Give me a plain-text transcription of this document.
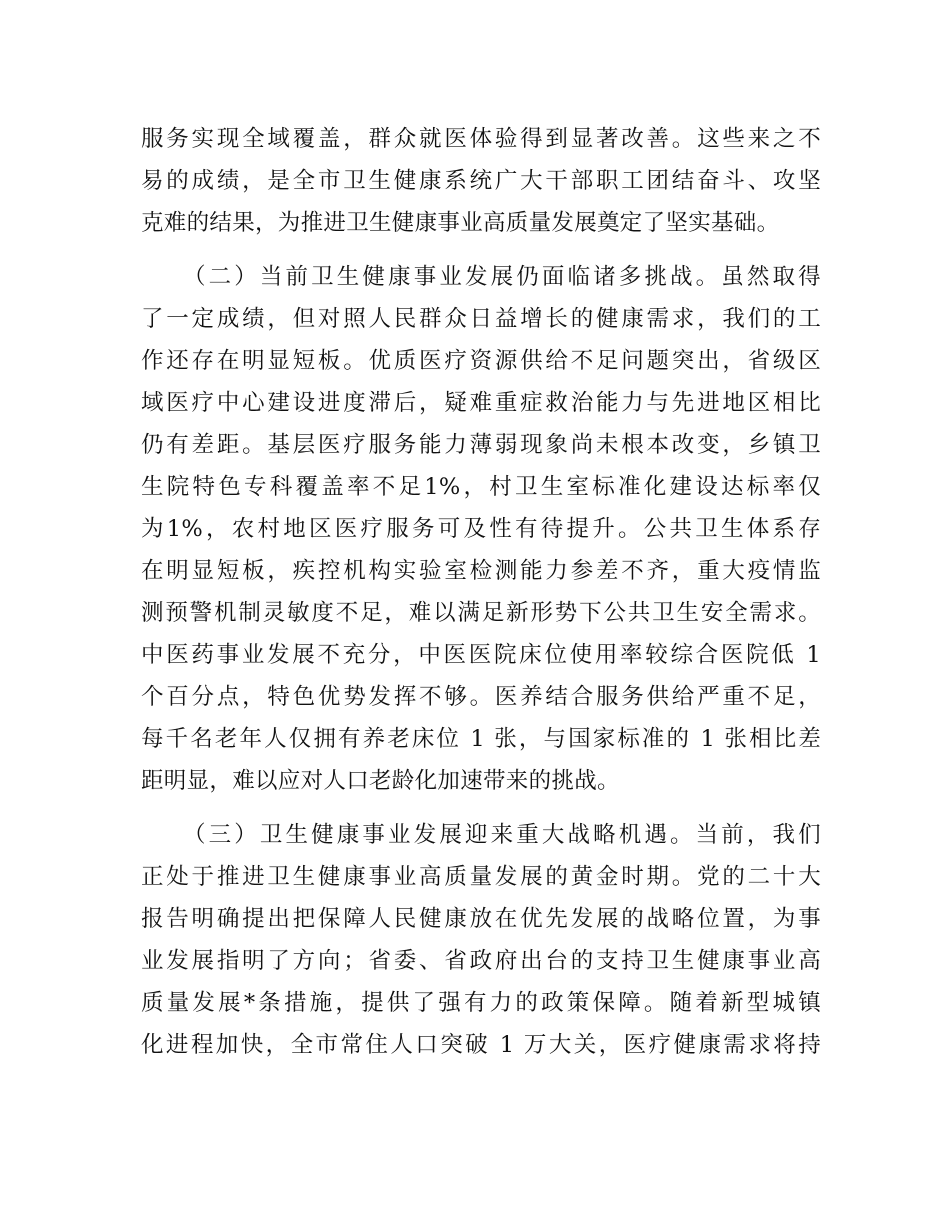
服务实现全域覆盖，群众就医体验得到显著改善。这些来之不
易的成绩，是全市卫生健康系统广大干部职工团结奋斗、攻坚
克难的结果，为推进卫生健康事业高质量发展奠定了坚实基础。
（二）当前卫生健康事业发展仍面临诸多挑战。虽然取得
了一定成绩，但对照人民群众日益增长的健康需求，我们的工
作还存在明显短板。优质医疗资源供给不足问题突出，省级区
域医疗中心建设进度滞后，疑难重症救治能力与先进地区相比
仍有差距。基层医疗服务能力薄弱现象尚未根本改变，乡镇卫
生院特色专科覆盖率不足1%，村卫生室标准化建设达标率仅
为1%，农村地区医疗服务可及性有待提升。公共卫生体系存
在明显短板，疾控机构实验室检测能力参差不齐，重大疫情监
测预警机制灵敏度不足，难以满足新形势下公共卫生安全需求。
中医药事业发展不充分，中医医院床位使用率较综合医院低 1
个百分点，特色优势发挥不够。医养结合服务供给严重不足，
每千名老年人仅拥有养老床位 1 张，与国家标准的 1 张相比差
距明显，难以应对人口老龄化加速带来的挑战。
（三）卫生健康事业发展迎来重大战略机遇。当前，我们
正处于推进卫生健康事业高质量发展的黄金时期。党的二十大
报告明确提出把保障人民健康放在优先发展的战略位置，为事
业发展指明了方向；省委、省政府出台的支持卫生健康事业高
质量发展*条措施，提供了强有力的政策保障。随着新型城镇
化进程加快，全市常住人口突破 1 万大关，医疗健康需求将持
